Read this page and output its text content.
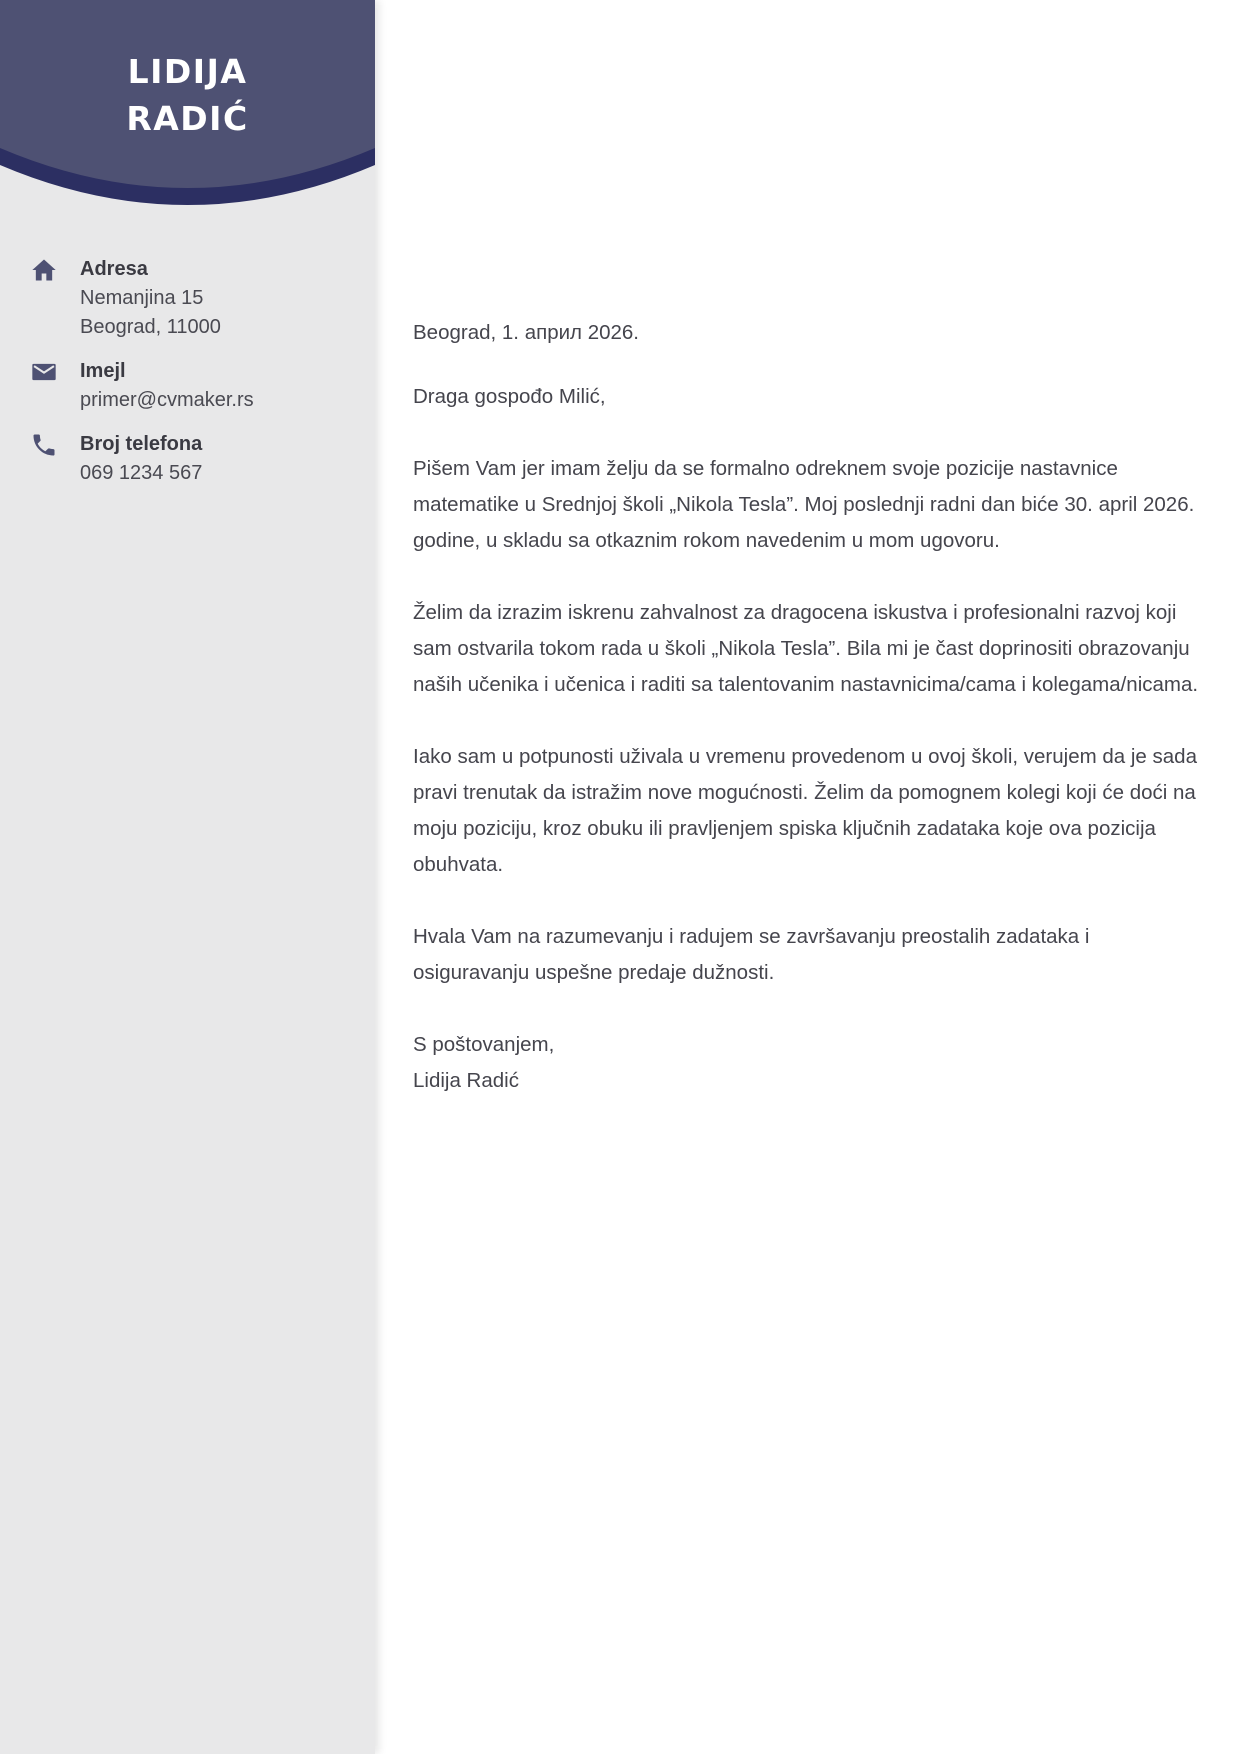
LIDIJA
RADIĆ
Adresa
Nemanjina 15
Beograd, 11000
Imejl
primer@cvmaker.rs
Broj telefona
069 1234 567

Beograd, 1. април 2026.

Draga gospođo Milić,

Pišem Vam jer imam želju da se formalno odreknem svoje pozicije nastavnice matematike u Srednjoj školi „Nikola Tesla”. Moj poslednji radni dan biće 30. april 2026. godine, u skladu sa otkaznim rokom navedenim u mom ugovoru.

Želim da izrazim iskrenu zahvalnost za dragocena iskustva i profesionalni razvoj koji sam ostvarila tokom rada u školi „Nikola Tesla”. Bila mi je čast doprinositi obrazovanju naših učenika i učenica i raditi sa talentovanim nastavnicima/cama i kolegama/nicama.

Iako sam u potpunosti uživala u vremenu provedenom u ovoj školi, verujem da je sada pravi trenutak da istražim nove mogućnosti. Želim da pomognem kolegi koji će doći na moju poziciju, kroz obuku ili pravljenjem spiska ključnih zadataka koje ova pozicija obuhvata.

Hvala Vam na razumevanju i radujem se završavanju preostalih zadataka i osiguravanju uspešne predaje dužnosti.

S poštovanjem,
Lidija Radić
